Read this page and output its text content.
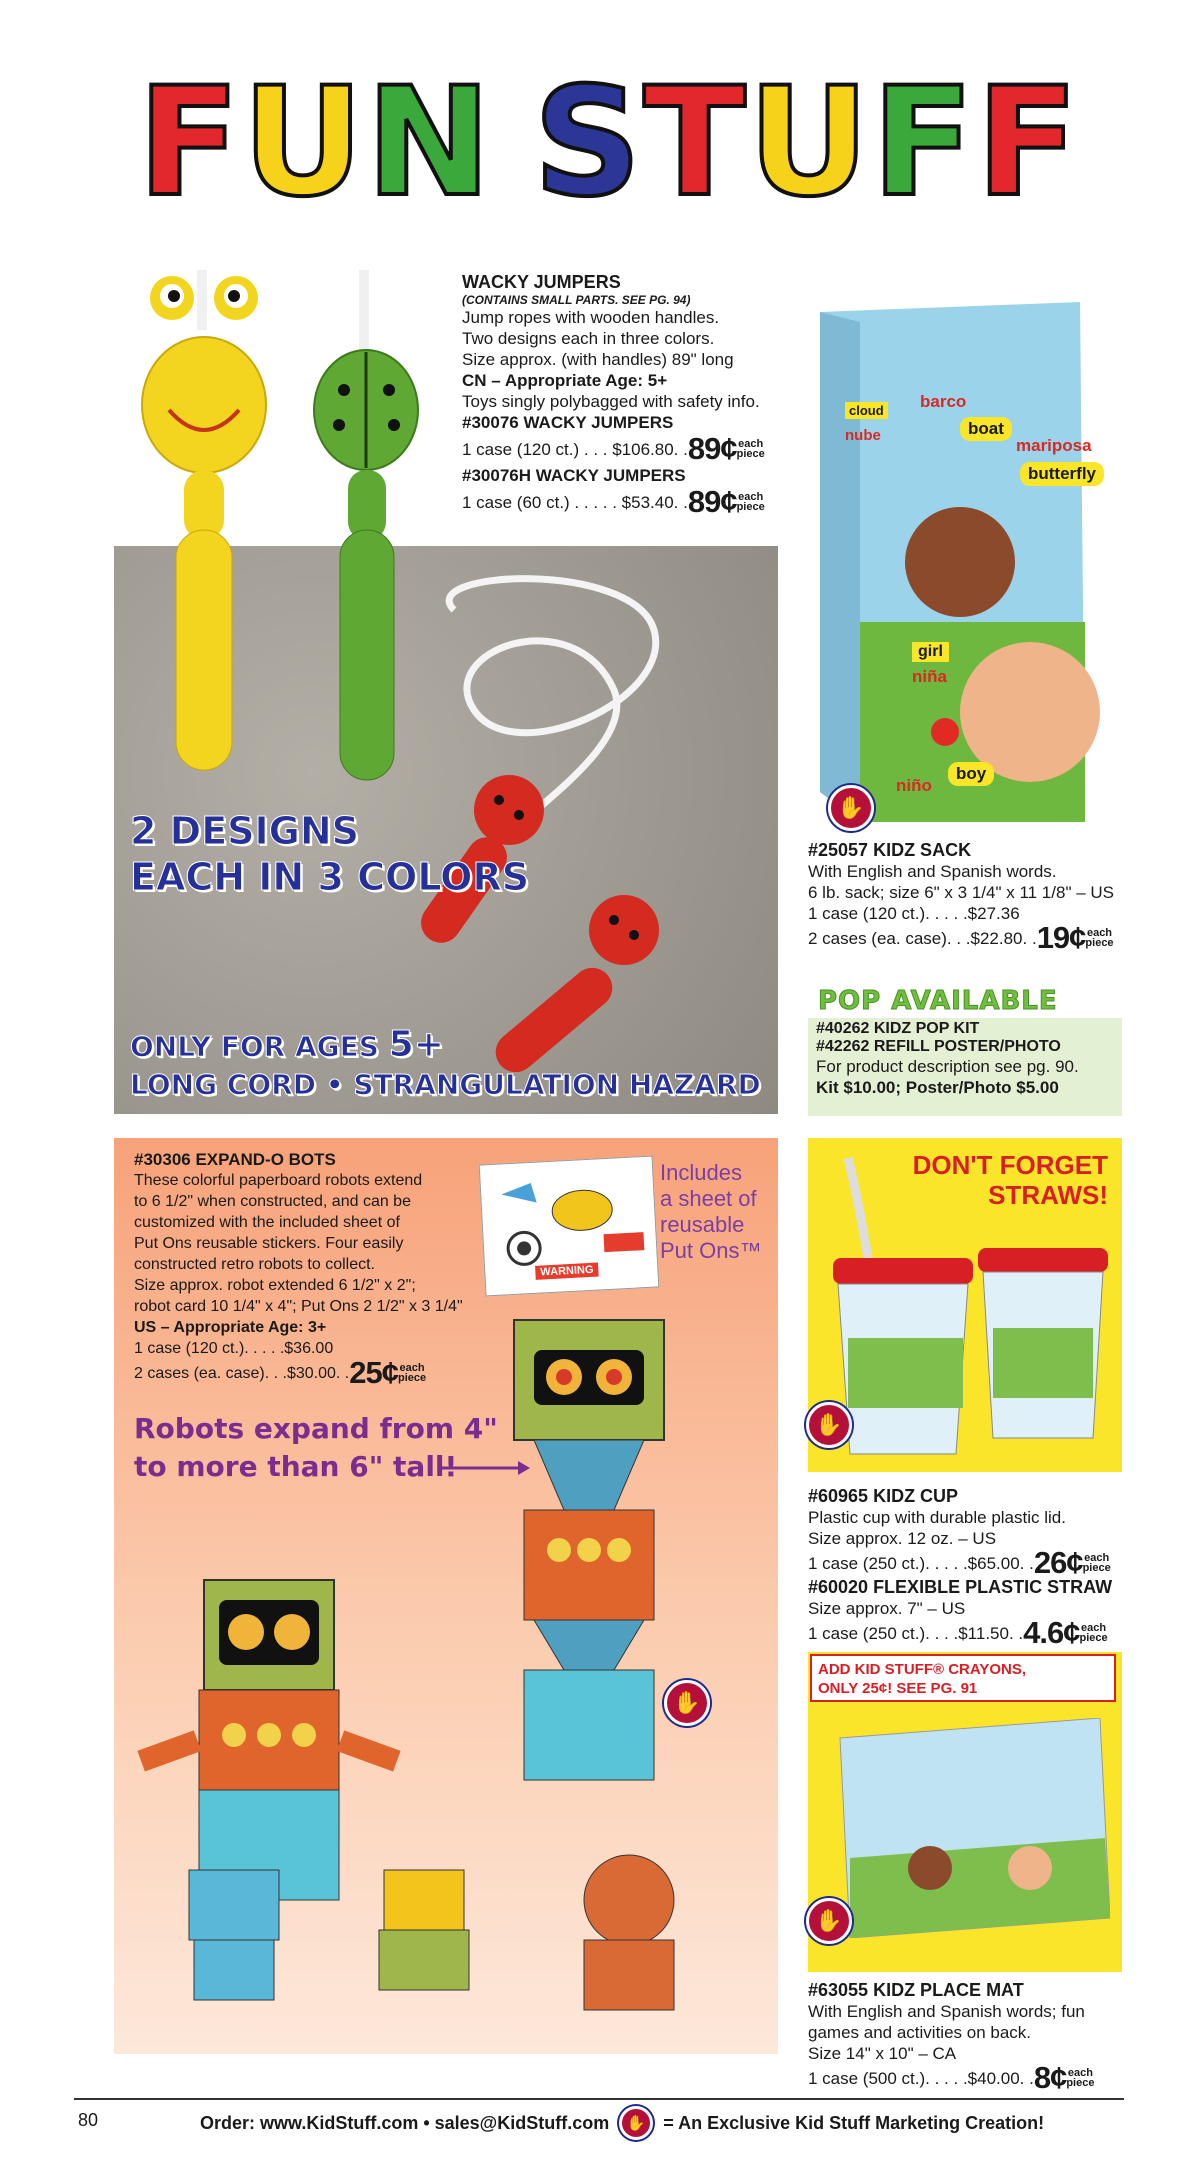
F U N S T U F F
2 DESIGNS
EACH IN 3 COLORS
ONLY FOR AGES 5+
LONG CORD • STRANGULATION HAZARD
WACKY JUMPERS
(CONTAINS SMALL PARTS. SEE PG. 94)
Jump ropes with wooden handles.
Two designs each in three colors.
Size approx. (with handles) 89" long
CN – Appropriate Age: 5+
Toys singly polybagged with safety info.
#30076 WACKY JUMPERS
1 case (120 ct.) . . . $106.80. . 89¢ each
piece
#30076H WACKY JUMPERS
1 case (60 ct.) . . . . . $53.40. . 89¢ each
piece
barco
boat
mariposa
butterfly
cloud
nube
girl
niña
niño
boy
✋
#25057 KIDZ SACK
With English and Spanish words.
6 lb. sack; size 6" x 3 1/4" x 11 1/8" – US
1 case (120 ct.). . . . .$27.36
2 cases (ea. case). . .$22.80. . 19¢ each
piece
POP AVAILABLE
#40262 KIDZ POP KIT
#42262 REFILL POSTER/PHOTO
For product description see pg. 90.
Kit $10.00; Poster/Photo $5.00
#30306 EXPAND-O BOTS
These colorful paperboard robots extend
to 6 1/2" when constructed, and can be
customized with the included sheet of
Put Ons reusable stickers. Four easily
constructed retro robots to collect.
Size approx. robot extended 6 1/2" x 2";
robot card 10 1/4" x 4"; Put Ons 2 1/2" x 3 1/4"
US – Appropriate Age: 3+
1 case (120 ct.). . . . .$36.00
2 cases (ea. case). . .$30.00. . 25¢ each
piece
WARNING
Includes
a sheet of
reusable
Put Ons™
Robots expand from 4"
to more than 6" tall!
✋
DON'T FORGET
STRAWS!
✋
#60965 KIDZ CUP
Plastic cup with durable plastic lid.
Size approx. 12 oz. – US
1 case (250 ct.). . . . .$65.00. . 26¢ each
piece
#60020 FLEXIBLE PLASTIC STRAW
Size approx. 7" – US
1 case (250 ct.). . . .$11.50. . 4.6¢ each
piece
ADD KID STUFF® CRAYONS,
ONLY 25¢! SEE PG. 91
✋
#63055 KIDZ PLACE MAT
With English and Spanish words; fun
games and activities on back.
Size 14" x 10" – CA
1 case (500 ct.). . . . .$40.00. . 8¢ each
piece
80	Order: www.KidStuff.com • sales@KidStuff.com	✋ = An Exclusive Kid Stuff Marketing Creation!
